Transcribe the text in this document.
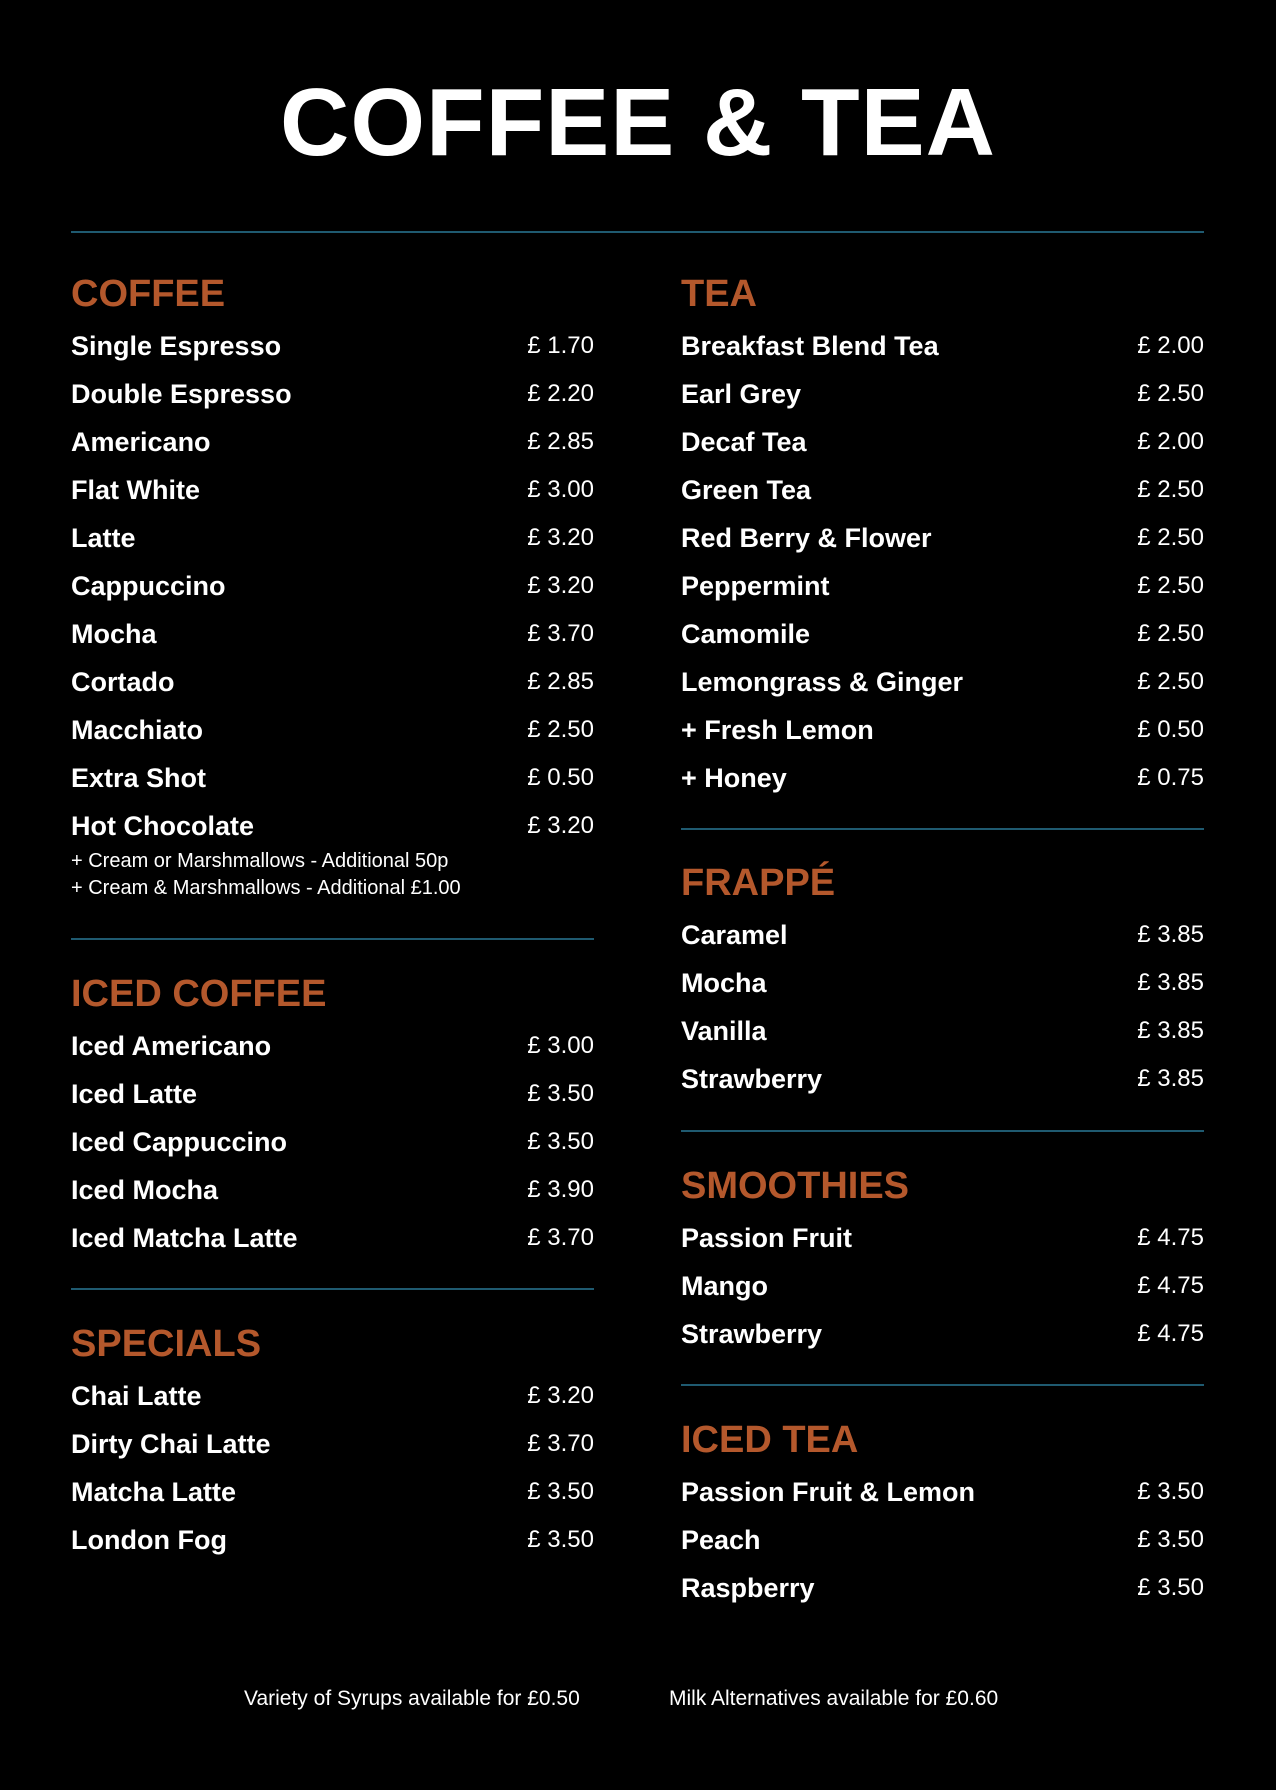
COFFEE & TEA
COFFEE
Single Espresso	£ 1.70
Double Espresso	£ 2.20
Americano	£ 2.85
Flat White	£ 3.00
Latte	£ 3.20
Cappuccino	£ 3.20
Mocha	£ 3.70
Cortado	£ 2.85
Macchiato	£ 2.50
Extra Shot	£ 0.50
Hot Chocolate	£ 3.20
+ Cream or Marshmallows - Additional 50p
+ Cream & Marshmallows - Additional £1.00
ICED COFFEE
Iced Americano	£ 3.00
Iced Latte	£ 3.50
Iced Cappuccino	£ 3.50
Iced Mocha	£ 3.90
Iced Matcha Latte	£ 3.70
SPECIALS
Chai Latte	£ 3.20
Dirty Chai Latte	£ 3.70
Matcha Latte	£ 3.50
London Fog	£ 3.50
TEA
Breakfast Blend Tea	£ 2.00
Earl Grey	£ 2.50
Decaf Tea	£ 2.00
Green Tea	£ 2.50
Red Berry & Flower	£ 2.50
Peppermint	£ 2.50
Camomile	£ 2.50
Lemongrass & Ginger	£ 2.50
+ Fresh Lemon	£ 0.50
+ Honey	£ 0.75
FRAPPÉ
Caramel	£ 3.85
Mocha	£ 3.85
Vanilla	£ 3.85
Strawberry	£ 3.85
SMOOTHIES
Passion Fruit	£ 4.75
Mango	£ 4.75
Strawberry	£ 4.75
ICED TEA
Passion Fruit & Lemon	£ 3.50
Peach	£ 3.50
Raspberry	£ 3.50
Variety of Syrups available for £0.50	Milk Alternatives available for £0.60
